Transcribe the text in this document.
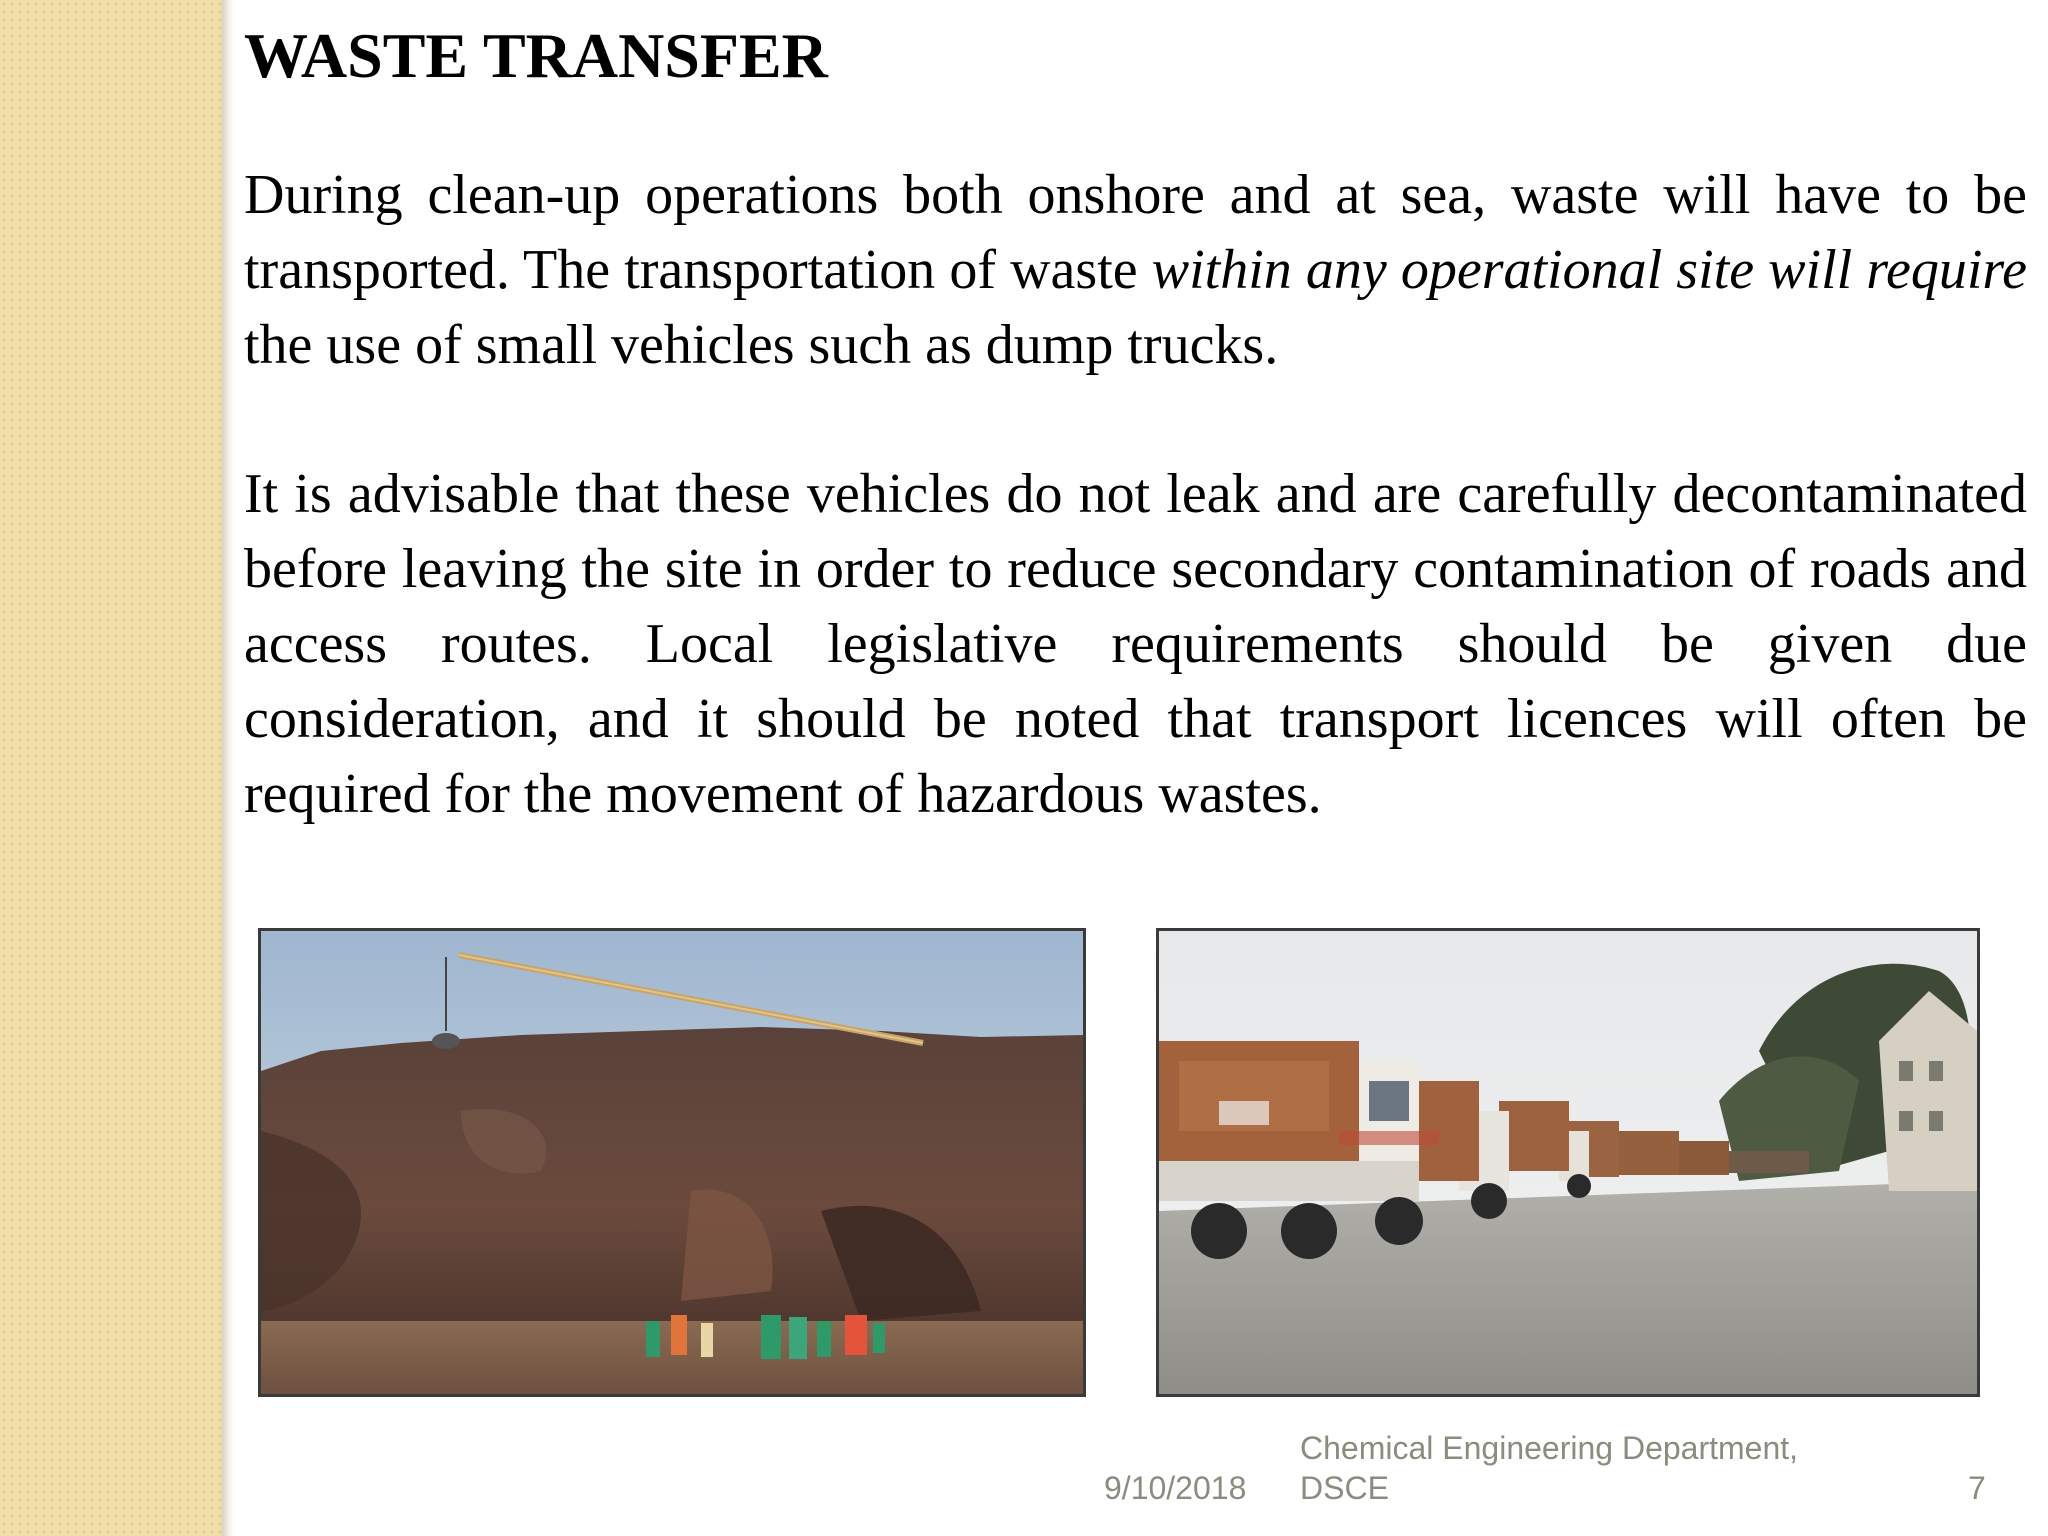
WASTE TRANSFER

During clean-up operations both onshore and at sea, waste will have to be transported. The transportation of waste within any operational site will require the use of small vehicles such as dump trucks.

It is advisable that these vehicles do not leak and are carefully decontaminated before leaving the site in order to reduce secondary contamination of roads and access routes. Local legislative requirements should be given due consideration, and it should be noted that transport licences will often be required for the movement of hazardous wastes.

9/10/2018
Chemical Engineering Department,
DSCE	7
